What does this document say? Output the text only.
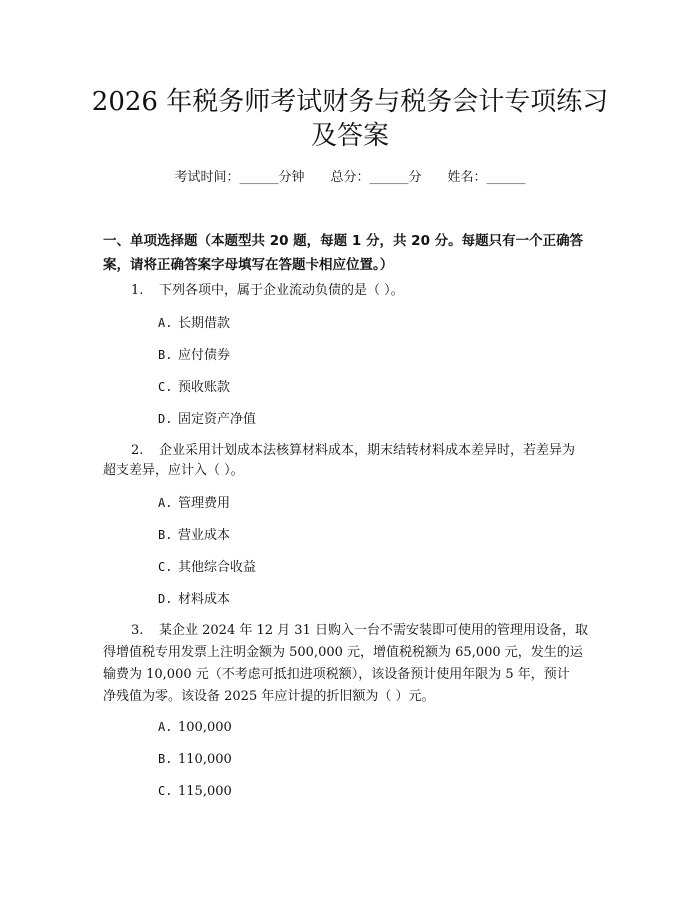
2026 年税务师考试财务与税务会计专项练习
及答案
考试时间：______分钟 总分：______分 姓名：______
一、单项选择题（本题型共 20 题，每题 1 分，共 20 分。每题只有一个正确答
案，请将正确答案字母填写在答题卡相应位置。）
1. 下列各项中，属于企业流动负债的是（ ）。
A. 长期借款
B. 应付债券
C. 预收账款
D. 固定资产净值
2. 企业采用计划成本法核算材料成本，期末结转材料成本差异时，若差异为
超支差异，应计入（ ）。
A. 管理费用
B. 营业成本
C. 其他综合收益
D. 材料成本
3. 某企业 2024 年 12 月 31 日购入一台不需安装即可使用的管理用设备，取
得增值税专用发票上注明金额为 500,000 元，增值税税额为 65,000 元，发生的运
输费为 10,000 元（不考虑可抵扣进项税额），该设备预计使用年限为 5 年，预计
净残值为零。该设备 2025 年应计提的折旧额为（ ）元。
A. 100,000
B. 110,000
C. 115,000
